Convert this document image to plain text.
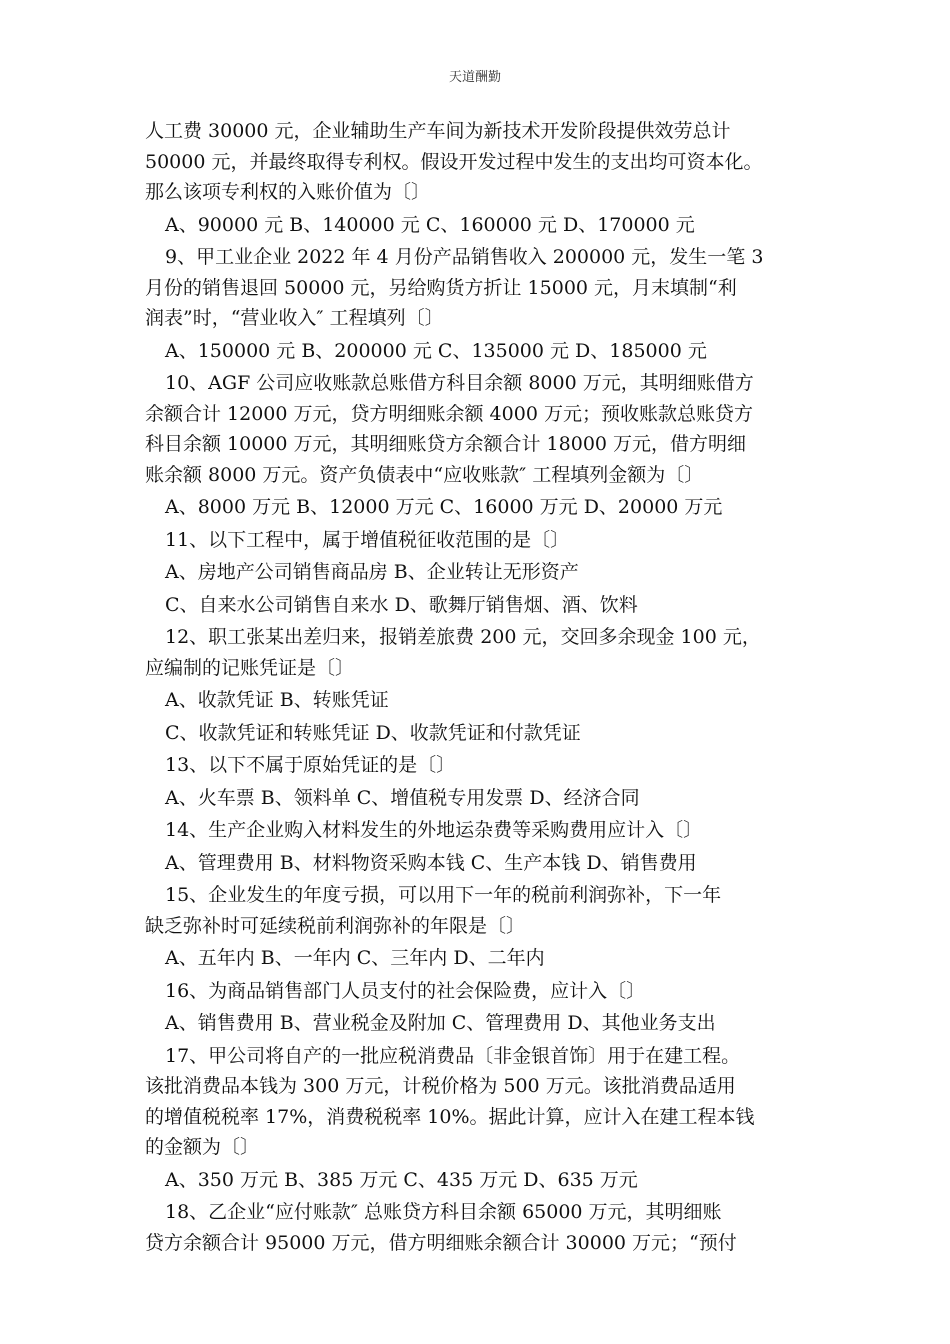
天道酬勤
人工费 30000 元，企业辅助生产车间为新技术开发阶段提供效劳总计
50000 元，并最终取得专利权。假设开发过程中发生的支出均可资本化。
那么该项专利权的入账价值为〔〕
A、90000 元 B、140000 元 C、160000 元 D、170000 元
9、甲工业企业 2022 年 4 月份产品销售收入 200000 元，发生一笔 3
月份的销售退回 50000 元，另给购货方折让 15000 元，月末填制“利
润表”时，“营业收入″ 工程填列〔〕
A、150000 元 B、200000 元 C、135000 元 D、185000 元
10、AGF 公司应收账款总账借方科目余额 8000 万元，其明细账借方
余额合计 12000 万元，贷方明细账余额 4000 万元；预收账款总账贷方
科目余额 10000 万元，其明细账贷方余额合计 18000 万元，借方明细
账余额 8000 万元。资产负债表中“应收账款″ 工程填列金额为〔〕
A、8000 万元 B、12000 万元 C、16000 万元 D、20000 万元
11、以下工程中，属于增值税征收范围的是〔〕
A、房地产公司销售商品房 B、企业转让无形资产
C、自来水公司销售自来水 D、歌舞厅销售烟、酒、饮料
12、职工张某出差归来，报销差旅费 200 元，交回多余现金 100 元，
应编制的记账凭证是〔〕
A、收款凭证 B、转账凭证
C、收款凭证和转账凭证 D、收款凭证和付款凭证
13、以下不属于原始凭证的是〔〕
A、火车票 B、领料单 C、增值税专用发票 D、经济合同
14、生产企业购入材料发生的外地运杂费等采购费用应计入〔〕
A、管理费用 B、材料物资采购本钱 C、生产本钱 D、销售费用
15、企业发生的年度亏损，可以用下一年的税前利润弥补，下一年
缺乏弥补时可延续税前利润弥补的年限是〔〕
A、五年内 B、一年内 C、三年内 D、二年内
16、为商品销售部门人员支付的社会保险费，应计入〔〕
A、销售费用 B、营业税金及附加 C、管理费用 D、其他业务支出
17、甲公司将自产的一批应税消费品〔非金银首饰〕用于在建工程。
该批消费品本钱为 300 万元，计税价格为 500 万元。该批消费品适用
的增值税税率 17%，消费税税率 10%。据此计算，应计入在建工程本钱
的金额为〔〕
A、350 万元 B、385 万元 C、435 万元 D、635 万元
18、乙企业“应付账款″ 总账贷方科目余额 65000 万元，其明细账
贷方余额合计 95000 万元，借方明细账余额合计 30000 万元；“预付
